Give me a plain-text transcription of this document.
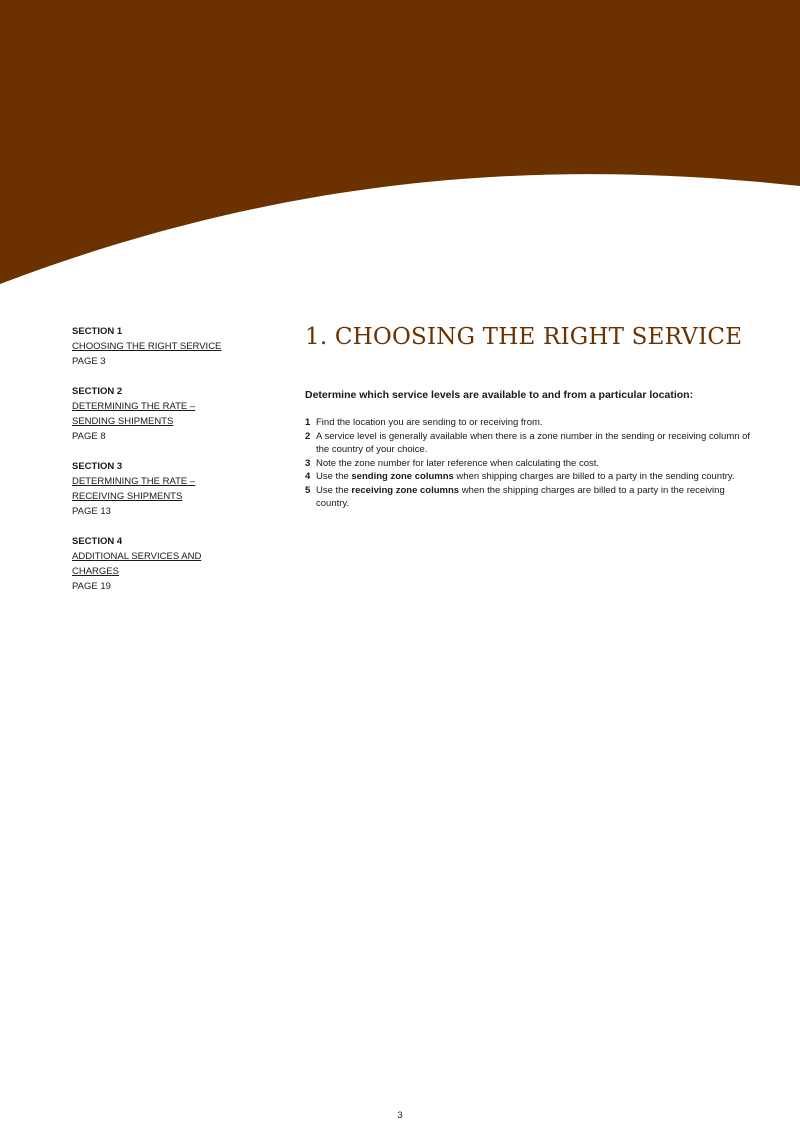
SECTION 1
CHOOSING THE RIGHT SERVICE
PAGE 3
SECTION 2
DETERMINING THE RATE –
SENDING SHIPMENTS
PAGE 8
SECTION 3
DETERMINING THE RATE –
RECEIVING SHIPMENTS
PAGE 13
SECTION 4
ADDITIONAL SERVICES AND
CHARGES
PAGE 19
1. CHOOSING THE RIGHT SERVICE

Determine which service levels are available to and from a particular location:

1 Find the location you are sending to or receiving from.
2 A service level is generally available when there is a zone number in the sending or receiving column of the country of your choice.
3 Note the zone number for later reference when calculating the cost.
4 Use the sending zone columns when shipping charges are billed to a party in the sending country.
5 Use the receiving zone columns when the shipping charges are billed to a party in the receiving country.
3
